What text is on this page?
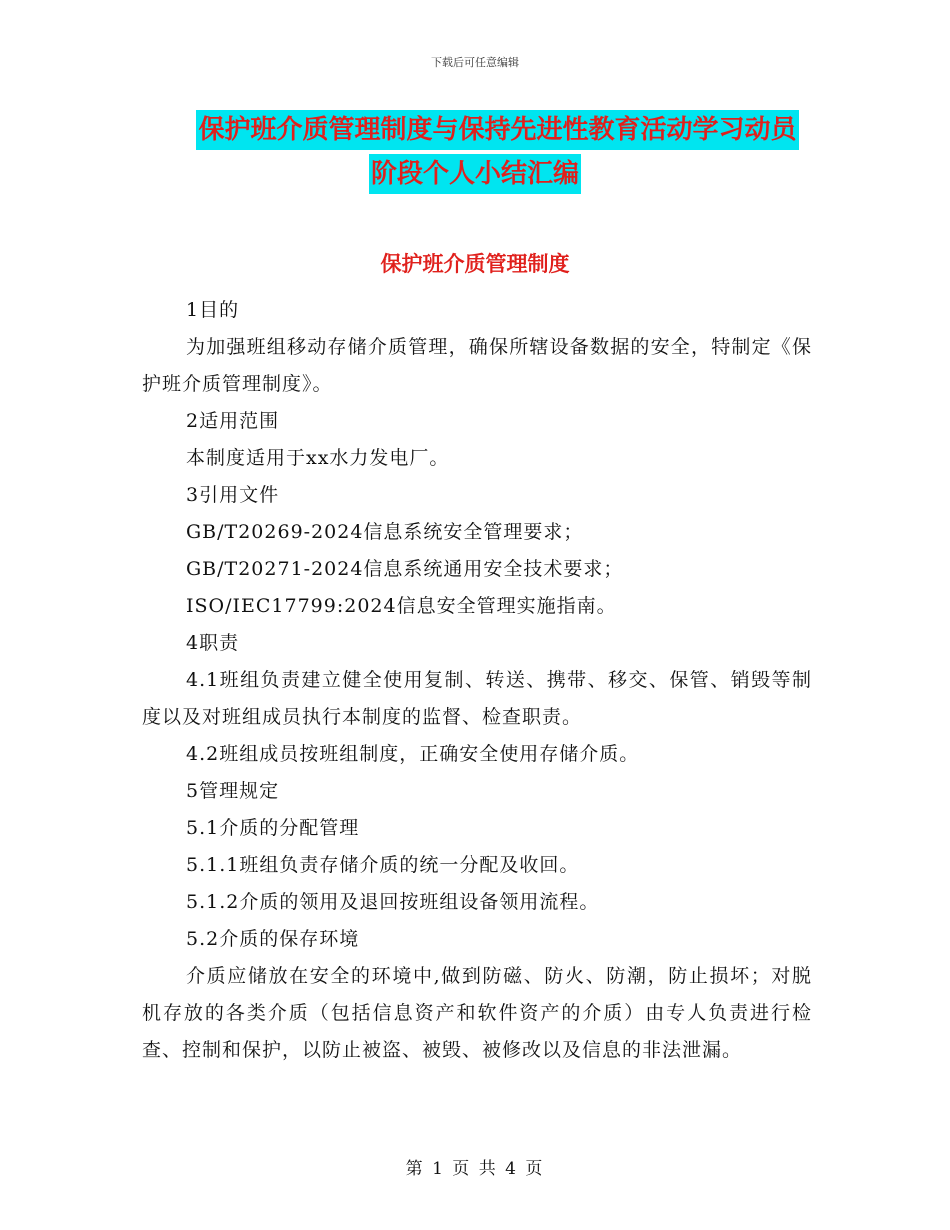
下载后可任意编辑
保护班介质管理制度与保持先进性教育活动学习动员
阶段个人小结汇编
保护班介质管理制度

1目的

为加强班组移动存储介质管理，确保所辖设备数据的安全，特制定《保护班介质管理制度》。

2适用范围

本制度适用于xx水力发电厂。

3引用文件

GB/T20269-2024信息系统安全管理要求；

GB/T20271-2024信息系统通用安全技术要求；

ISO/IEC17799:2024信息安全管理实施指南。

4职责

4.1班组负责建立健全使用复制、转送、携带、移交、保管、销毁等制度以及对班组成员执行本制度的监督、检查职责。

4.2班组成员按班组制度，正确安全使用存储介质。

5管理规定

5.1介质的分配管理

5.1.1班组负责存储介质的统一分配及收回。

5.1.2介质的领用及退回按班组设备领用流程。

5.2介质的保存环境

介质应储放在安全的环境中,做到防磁、防火、防潮，防止损坏；对脱机存放的各类介质（包括信息资产和软件资产的介质）由专人负责进行检查、控制和保护，以防止被盗、被毁、被修改以及信息的非法泄漏。

第 1 页 共 4 页
